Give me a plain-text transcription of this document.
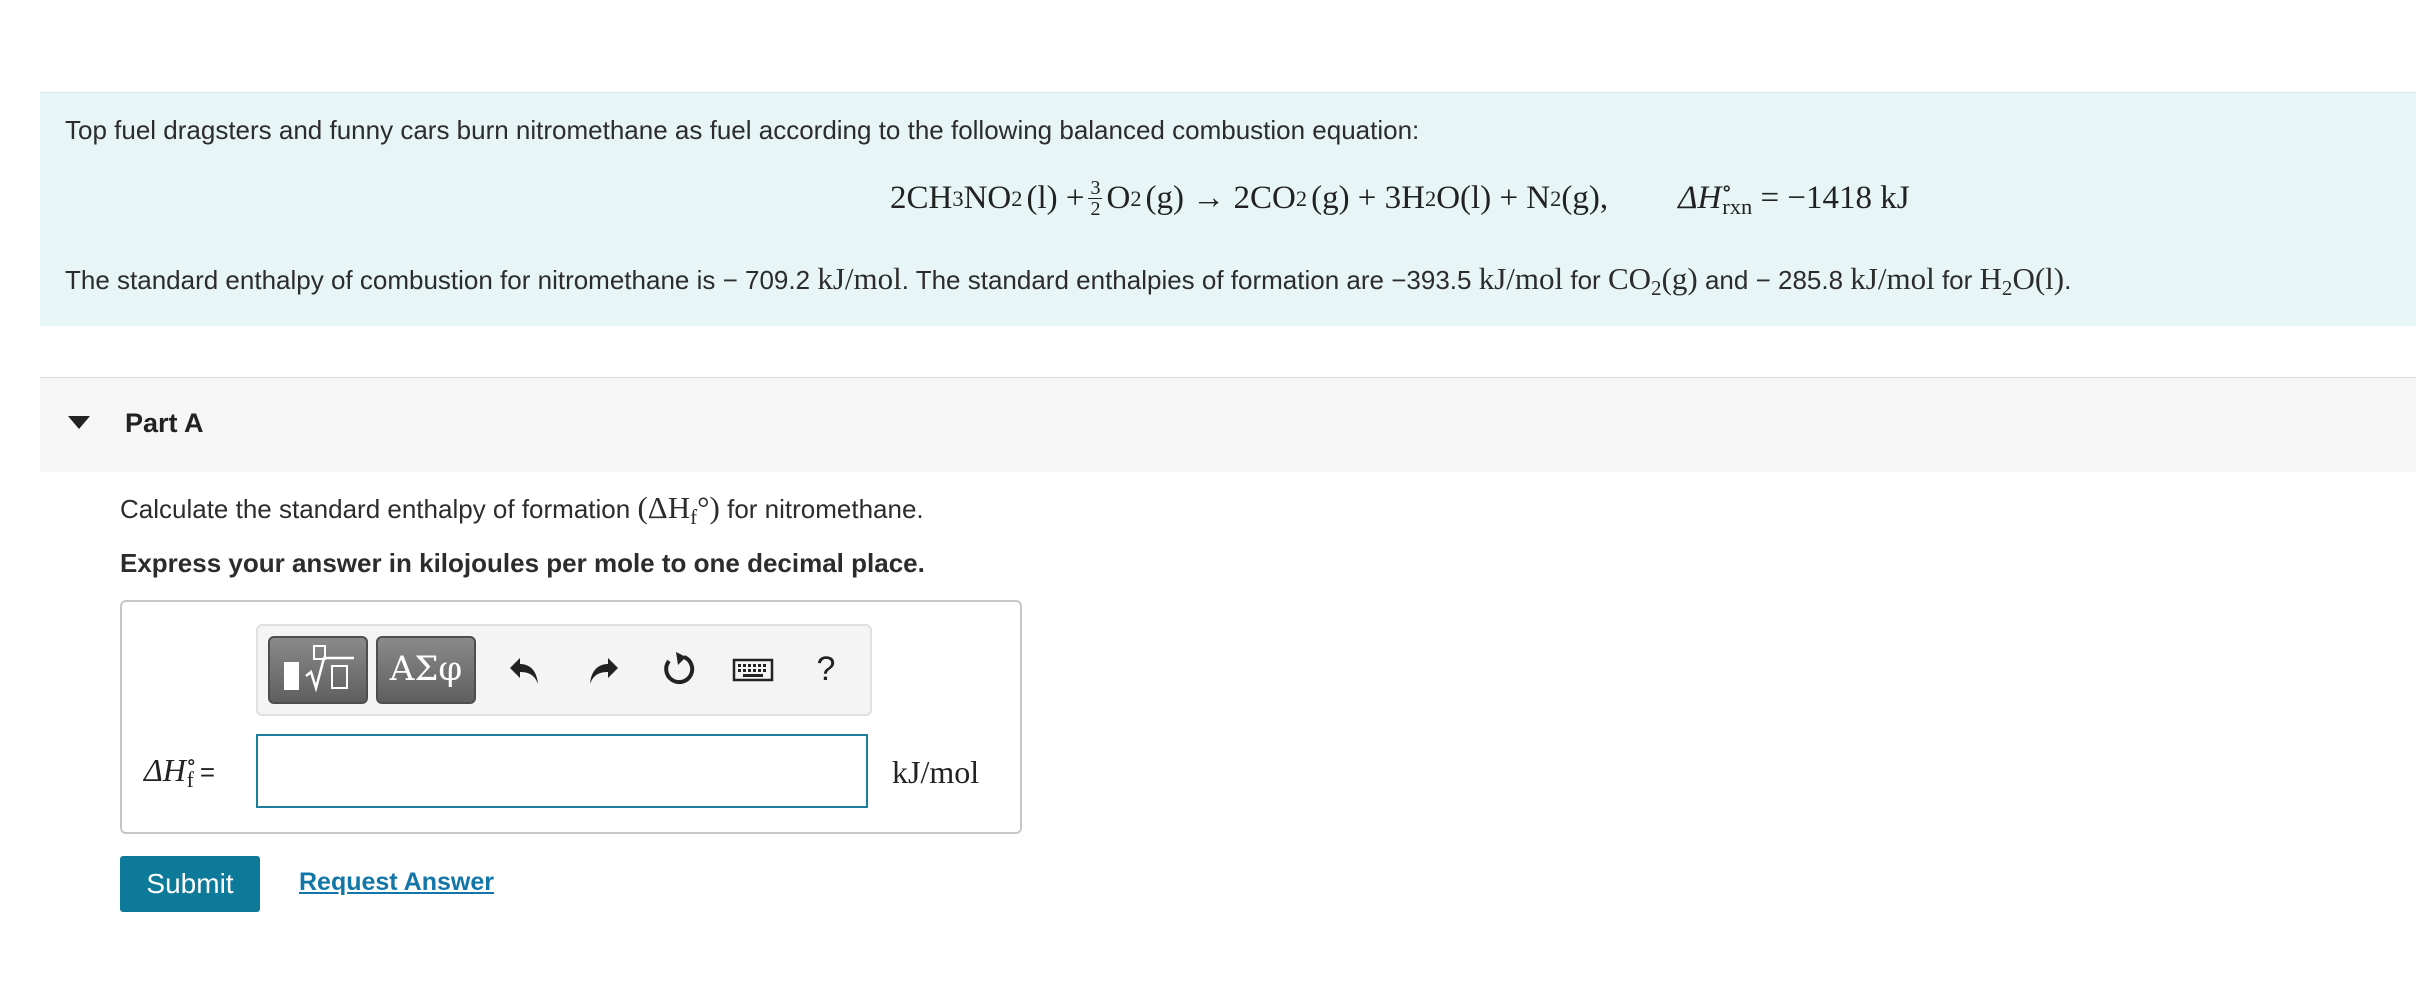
Top fuel dragsters and funny cars burn nitromethane as fuel according to the following balanced combustion equation:
2CH 3 NO 2 $(l) + \frac{3}{2}$ O 2 (g) → 2CO 2 (g) + 3H 2 O(l) + N 2 (g), $\Delta H^\circ_{rxn} = -1418$ kJ
The standard enthalpy of combustion for nitromethane is − 709.2 kJ/mol. The standard enthalpies of formation are −393.5 kJ/mol for $CO_2(g)$ and − 285.8 kJ/mol for $H_2O(l)$.
Part A
Calculate the standard enthalpy of formation $(\Delta H_f^\circ)$ for nitromethane.
Express your answer in kilojoules per mole to one decimal place.
ΑΣφ	?
$\Delta H^\circ_f$ =	kJ/mol
Submit	Request Answer
